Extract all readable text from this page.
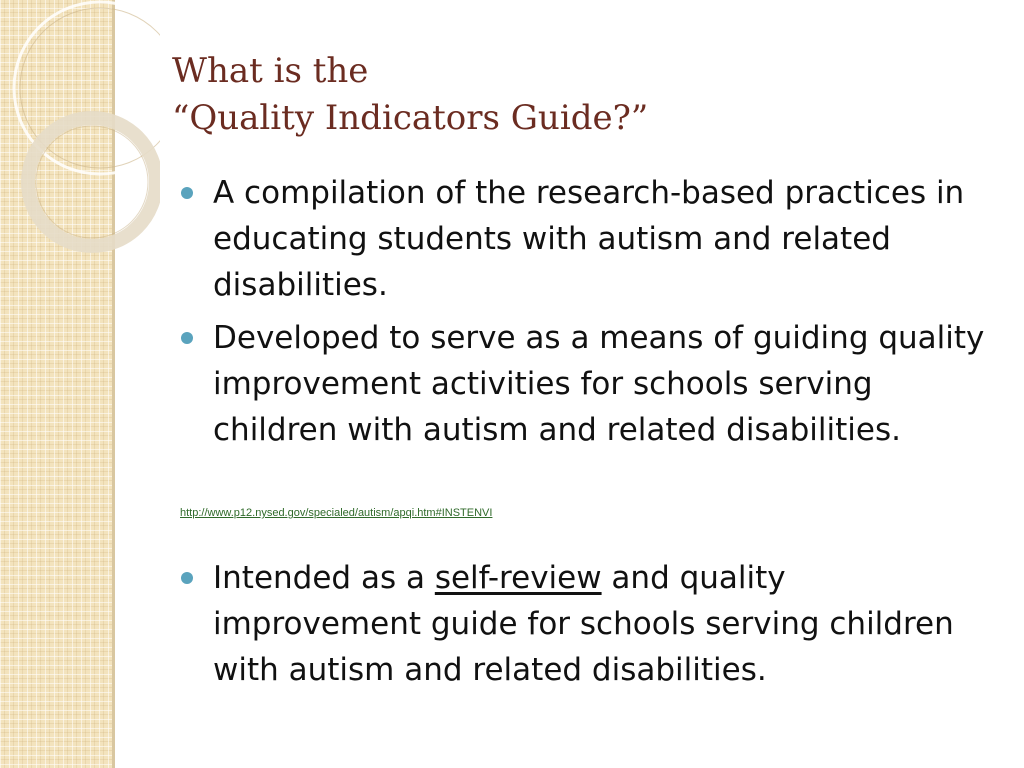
What is the
“Quality Indicators Guide?”
A compilation of the research-based practices in educating students with autism and related disabilities.
Developed to serve as a means of guiding quality improvement activities for schools serving children with autism and related disabilities.
Intended as a self-review and quality improvement guide for schools serving children with autism and related disabilities.
http://www.p12.nysed.gov/specialed/autism/apqi.htm#INSTENVI
